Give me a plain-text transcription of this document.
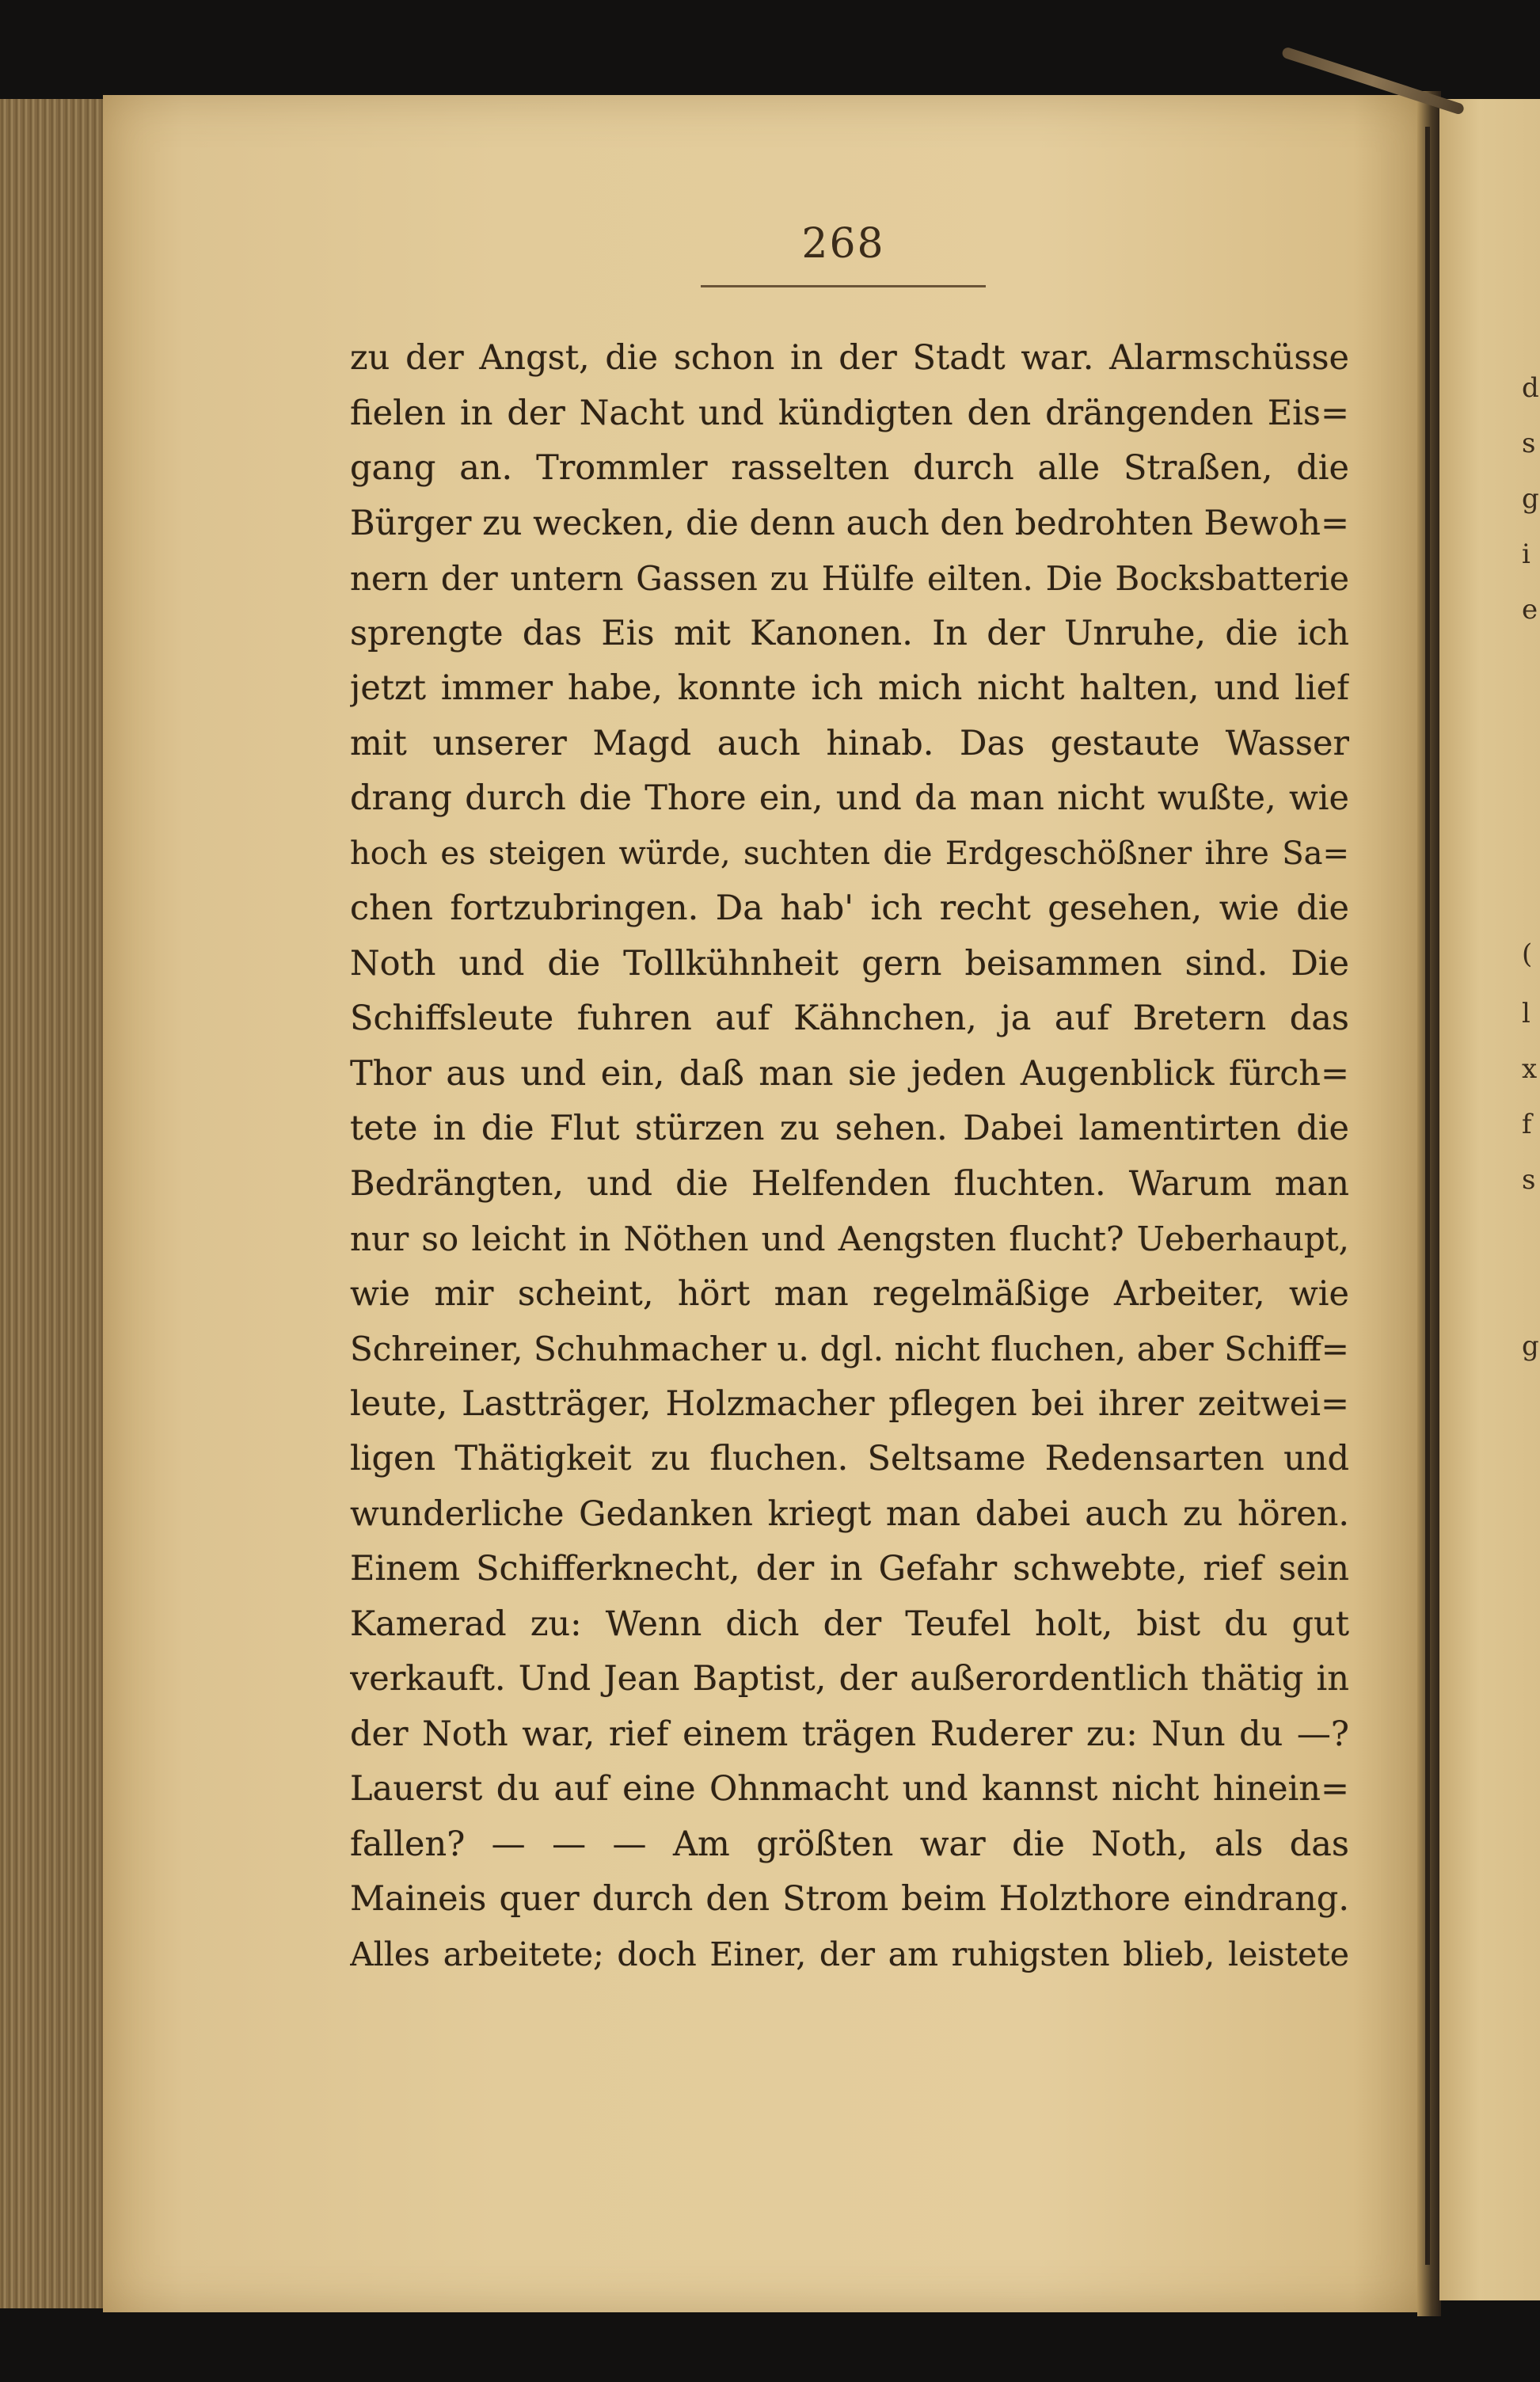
d
s
g
i
e
(
l
x
f
s
g
268
zu der Angst, die schon in der Stadt war. Alarmschüsse
fielen in der Nacht und kündigten den drängenden Eis=
gang an. Trommler rasselten durch alle Straßen, die
Bürger zu wecken, die denn auch den bedrohten Bewoh=
nern der untern Gassen zu Hülfe eilten. Die Bocksbatterie
sprengte das Eis mit Kanonen. In der Unruhe, die ich
jetzt immer habe, konnte ich mich nicht halten, und lief
mit unserer Magd auch hinab. Das gestaute Wasser
drang durch die Thore ein, und da man nicht wußte, wie
hoch es steigen würde, suchten die Erdgeschößner ihre Sa=
chen fortzubringen. Da hab' ich recht gesehen, wie die
Noth und die Tollkühnheit gern beisammen sind. Die
Schiffsleute fuhren auf Kähnchen, ja auf Bretern das
Thor aus und ein, daß man sie jeden Augenblick fürch=
tete in die Flut stürzen zu sehen. Dabei lamentirten die
Bedrängten, und die Helfenden fluchten. Warum man
nur so leicht in Nöthen und Aengsten flucht? Ueberhaupt,
wie mir scheint, hört man regelmäßige Arbeiter, wie
Schreiner, Schuhmacher u. dgl. nicht fluchen, aber Schiff=
leute, Lastträger, Holzmacher pflegen bei ihrer zeitwei=
ligen Thätigkeit zu fluchen. Seltsame Redensarten und
wunderliche Gedanken kriegt man dabei auch zu hören.
Einem Schifferknecht, der in Gefahr schwebte, rief sein
Kamerad zu: Wenn dich der Teufel holt, bist du gut
verkauft. Und Jean Baptist, der außerordentlich thätig in
der Noth war, rief einem trägen Ruderer zu: Nun du —?
Lauerst du auf eine Ohnmacht und kannst nicht hinein=
fallen? — — — Am größten war die Noth, als das
Maineis quer durch den Strom beim Holzthore eindrang.
Alles arbeitete; doch Einer, der am ruhigsten blieb, leistete
